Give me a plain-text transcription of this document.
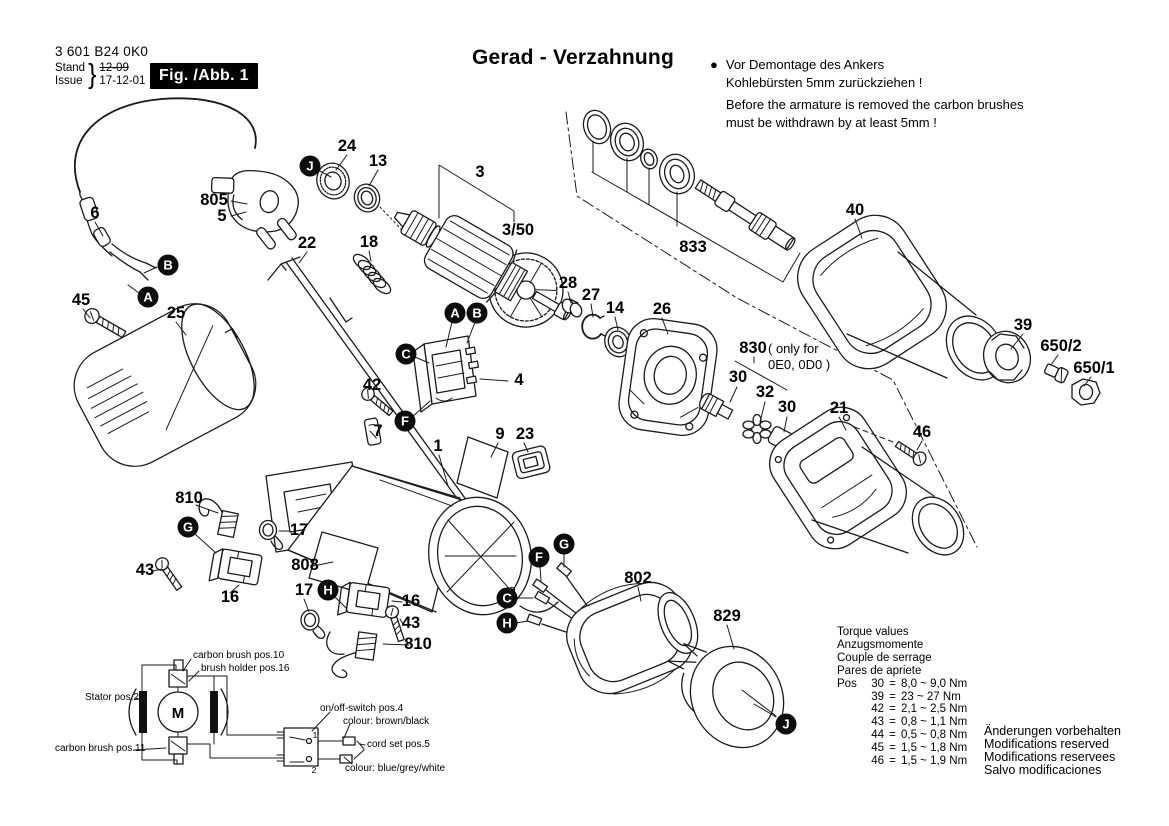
6
805
5
24
13
3
3/50
22	18
28
27
14 26
833
40
39
650/2
650/1
830
30
32
30 21
46
45
25
4
42
7
1
9 23
810
17
43
16
808
17
16
43
810
802
829
J
B
A
A B
C
F
G
H
G
F
C
H
J
( only for
0E0, 0D0 )
M
1
2
3 601 B24 0K0
Stand
Issue } 12-09
17-12-01 Fig. /Abb. 1
Gerad - Verzahnung	● Vor Demontage des Ankers
Kohlebürsten 5mm zurückziehen !
Before the armature is removed the carbon brushes
must be withdrawn by at least 5mm !
Torque values
Anzugsmomente
Couple de serrage
Pares de apriete
Pos	30 = 8,0 ~ 9,0 Nm
39 = 23 ~ 27 Nm
42 = 2,1 ~ 2,5 Nm
43 = 0,8 ~ 1,1 Nm
44 = 0,5 ~ 0,8 Nm
45 = 1,5 ~ 1,8 Nm
46 = 1,5 ~ 1,9 Nm
Änderungen vorbehalten
Modifications reserved
Modifications reservees
Salvo modificaciones
carbon brush pos.10
brush holder pos.16
Stator pos.2
carbon brush pos.11
on/off-switch pos.4
colour: brown/black
cord set pos.5
colour: blue/grey/white
